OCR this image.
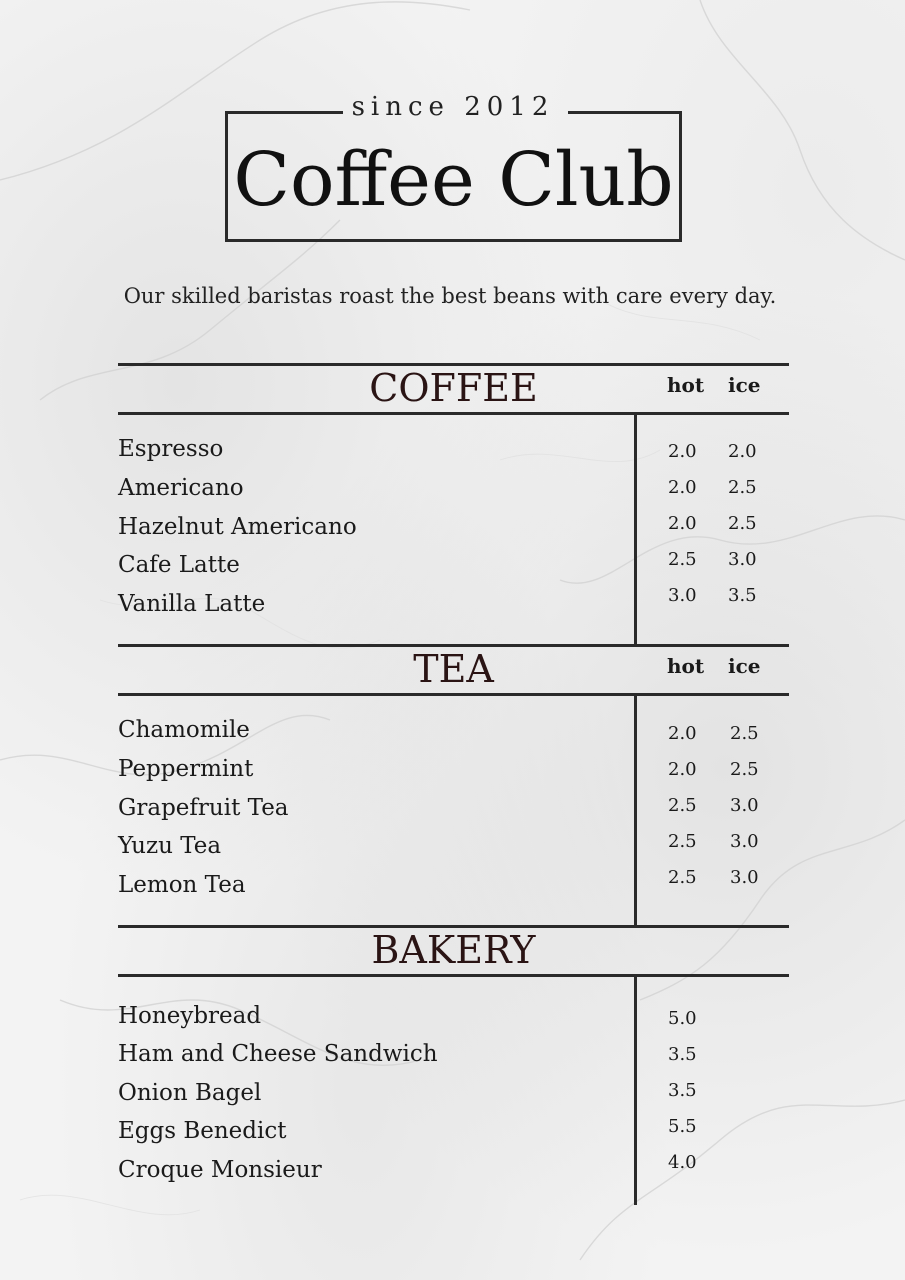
since 2012
Coffee Club
Our skilled baristas roast the best beans with care every day.
COFFEE	hot ice
Espresso
Americano
Hazelnut Americano
Cafe Latte
Vanilla Latte
2.0 2.0
2.0 2.5
2.0 2.5
2.5 3.0
3.0 3.5
TEA	hot ice
Chamomile
Peppermint
Grapefruit Tea
Yuzu Tea
Lemon Tea
2.0 2.5
2.0 2.5
2.5 3.0
2.5 3.0
2.5 3.0
BAKERY
Honeybread
Ham and Cheese Sandwich
Onion Bagel
Eggs Benedict
Croque Monsieur
5.0
3.5
3.5
5.5
4.0
